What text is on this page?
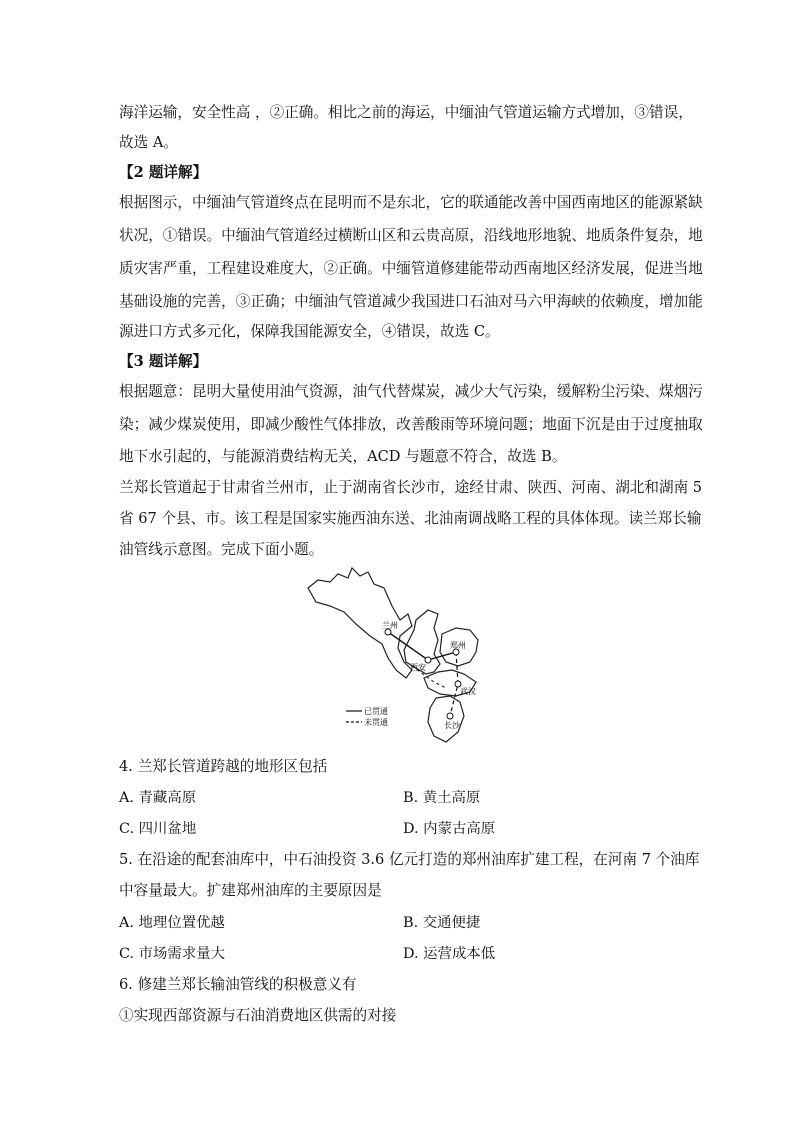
海洋运输，安全性高 ，②正确。相比之前的海运，中缅油气管道运输方式增加，③错误，
故选 A。
【2 题详解】
根据图示，中缅油气管道终点在昆明而不是东北，它的联通能改善中国西南地区的能源紧缺
状况，①错误。中缅油气管道经过横断山区和云贵高原，沿线地形地貌、地质条件复杂，地
质灾害严重，工程建设难度大，②正确。中缅管道修建能带动西南地区经济发展，促进当地
基础设施的完善，③正确；中缅油气管道减少我国进口石油对马六甲海峡的依赖度，增加能
源进口方式多元化，保障我国能源安全，④错误，故选 C。
【3 题详解】
根据题意：昆明大量使用油气资源，油气代替煤炭，减少大气污染，缓解粉尘污染、煤烟污
染；减少煤炭使用，即减少酸性气体排放，改善酸雨等环境问题；地面下沉是由于过度抽取
地下水引起的，与能源消费结构无关，ACD 与题意不符合，故选 B。
兰郑长管道起于甘肃省兰州市，止于湖南省长沙市，途经甘肃、陕西、河南、湖北和湖南 5
省 67 个县、市。该工程是国家实施西油东送、北油南调战略工程的具体体现。读兰郑长输
油管线示意图。完成下面小题。
兰州
西安
郑州
武汉
长沙
已贯通
未贯通
4. 兰郑长管道跨越的地形区包括
A. 青藏高原	B. 黄土高原
C. 四川盆地	D. 内蒙古高原
5. 在沿途的配套油库中，中石油投资 3.6 亿元打造的郑州油库扩建工程，在河南 7 个油库
中容量最大。扩建郑州油库的主要原因是
A. 地理位置优越	B. 交通便捷
C. 市场需求量大	D. 运营成本低
6. 修建兰郑长输油管线的积极意义有
①实现西部资源与石油消费地区供需的对接
